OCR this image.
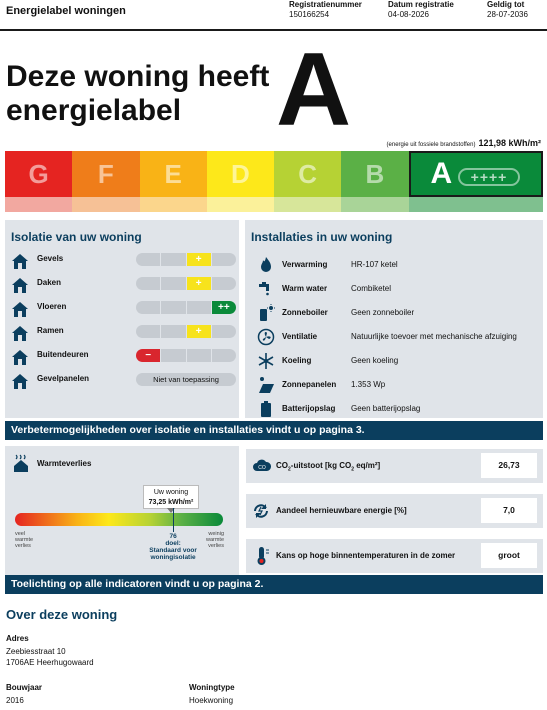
Energielabel woningen
Registratienummer
150166254
Datum registratie
04-08-2026
Geldig tot
28-07-2036
Deze woning heeft energielabel A	(energie uit fossiele brandstoffen) 121,98 kWh/m²
G	F	E	D	C	B	A	++++
Isolatie van uw woning
Gevels	+
Daken	+
Vloeren	++
Ramen	+
Buitendeuren	−
Gevelpanelen	Niet van toepassing
Installaties in uw woning
Verwarming	HR-107 ketel
Warm water	Combiketel
Zonneboiler	Geen zonneboiler
Ventilatie	Natuurlijke toevoer met mechanische afzuiging
Koeling	Geen koeling
Zonnepanelen 1.353 Wp
Batterijopslag Geen batterijopslag
Verbetermogelijkheden over isolatie en installaties vindt u op pagina 3.
Warmteverlies
Uw woning
73,25 kWh/m²
veel warmte verlies
weinig warmte verlies
76
doel:
Standaard voor woningisolatie
CO $CO_2$-uitstoot [kg $CO_2$ eq/m²]	26,73
Aandeel hernieuwbare energie [%]	7,0
Kans op hoge binnentemperaturen in de zomer	groot
Toelichting op alle indicatoren vindt u op pagina 2.
Over deze woning
Adres
Zeebiesstraat 10
1706AE Heerhugowaard
Bouwjaar
2016
Woningtype
Hoekwoning
